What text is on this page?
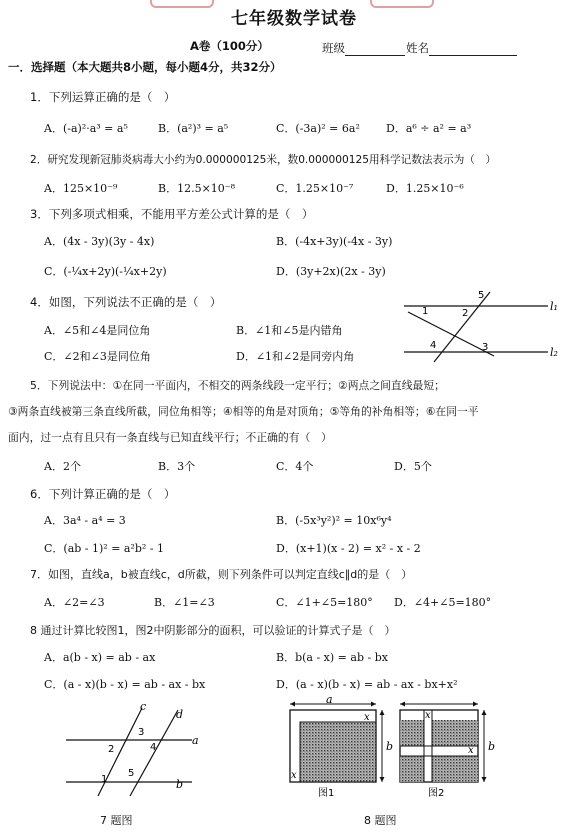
七年级数学试卷
A卷（100分）	班级	姓名
一．选择题（本大题共8小题，每小题4分，共32分）
1．下列运算正确的是（　）
A．(-a)²·a³ = a⁵	B．(a²)³ = a⁵	C．(-3a)² = 6a² D．a⁶ ÷ a² = a³
2．研究发现新冠肺炎病毒大小约为0.000000125米，数0.000000125用科学记数法表示为（　）
A．125×10⁻⁹	B．12.5×10⁻⁸	C．1.25×10⁻⁷	D．1.25×10⁻⁶
3．下列多项式相乘，不能用平方差公式计算的是（　）
A．(4x - 3y)(3y - 4x)	B．(-4x+3y)(-4x - 3y)
C．(-¼x+2y)(-¼x+2y)	D．(3y+2x)(2x - 3y)
4．如图，下列说法不正确的是（　）
A．∠5和∠4是同位角	B．∠1和∠5是内错角
C．∠2和∠3是同位角	D．∠1和∠2是同旁内角
l₁
l₂
1	2
3
4
5
5．下列说法中：①在同一平面内，不相交的两条线段一定平行；②两点之间直线最短；
③两条直线被第三条直线所截，同位角相等；④相等的角是对顶角；⑤等角的补角相等；⑥在同一平
面内，过一点有且只有一条直线与已知直线平行；不正确的有（　）
A．2个	B．3个	C．4个	D．5个
6．下列计算正确的是（　）
A．3a⁴ - a⁴ = 3	B．(-5x³y²)² = 10x⁶y⁴
C．(ab - 1)² = a²b² - 1	D．(x+1)(x - 2) = x² - x - 2
7．如图，直线a，b被直线c，d所截，则下列条件可以判定直线c∥d的是（　）
A．∠2=∠3	B．∠1=∠3	C．∠1+∠5=180° D．∠4+∠5=180°
8 通过计算比较图1，图2中阴影部分的面积，可以验证的计算式子是（　）
A．a(b - x) = ab - ax	B．b(a - x) = ab - bx
C．(a - x)(b - x) = ab - ax - bx	D．(a - x)(b - x) = ab - ax - bx+x²
c
d
a
b
1
2
3
4
5
7 题图
a
x
x
b
x
x b
图1	图2
8 题图
